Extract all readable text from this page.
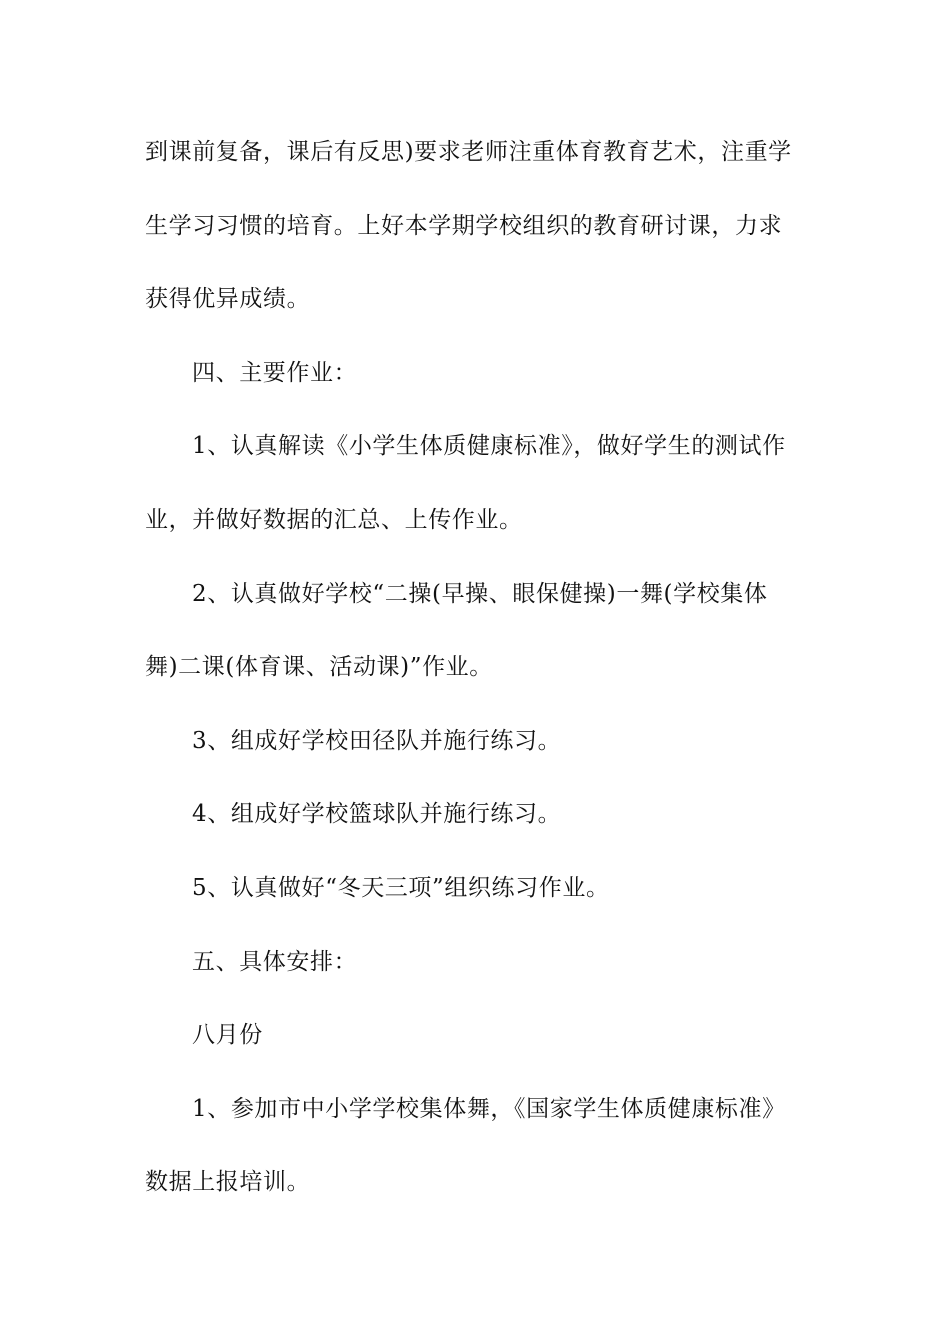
到课前复备，课后有反思)要求老师注重体育教育艺术，注重学
生学习习惯的培育。上好本学期学校组织的教育研讨课，力求
获得优异成绩。
四、主要作业：
1、认真解读《小学生体质健康标准》，做好学生的测试作
业，并做好数据的汇总、上传作业。
2、认真做好学校“二操(早操、眼保健操)一舞(学校集体
舞)二课(体育课、活动课)”作业。
3、组成好学校田径队并施行练习。
4、组成好学校篮球队并施行练习。
5、认真做好“冬天三项”组织练习作业。
五、具体安排：
八月份
1、参加市中小学学校集体舞，《国家学生体质健康标准》
数据上报培训。
